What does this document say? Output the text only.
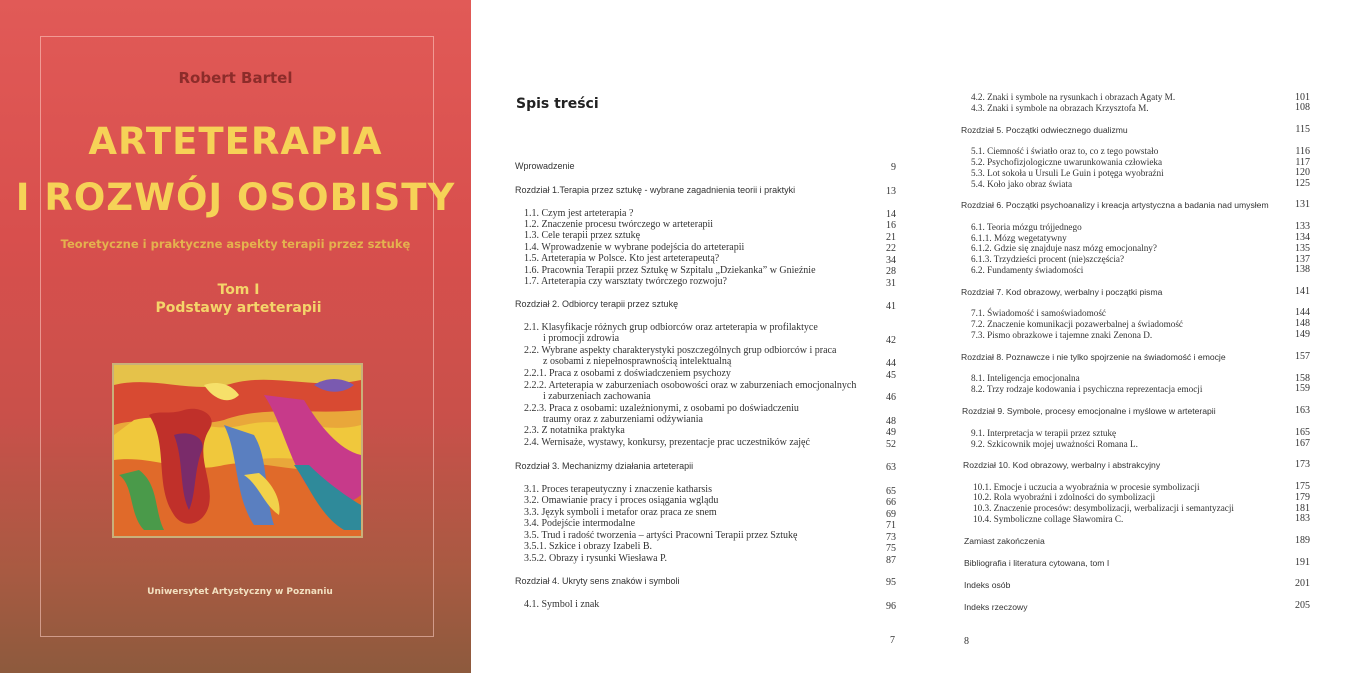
Robert Bartel
ARTETERAPIA
I ROZWÓJ OSOBISTY
Teoretyczne i praktyczne aspekty terapii przez sztukę
Tom I
Podstawy arteterapii
Uniwersytet Artystyczny w Poznaniu
Spis treści
Wprowadzenie	9
Rozdział 1.Terapia przez sztukę - wybrane zagadnienia teorii i praktyki	13
1.1. Czym jest arteterapia ?	14
1.2. Znaczenie procesu twórczego w arteterapii	16
1.3. Cele terapii przez sztukę	21
1.4. Wprowadzenie w wybrane podejścia do arteterapii	22
1.5. Arteterapia w Polsce. Kto jest arteterapeutą?	34
1.6. Pracownia Terapii przez Sztukę w Szpitalu „Dziekanka” w Gnieźnie	28
1.7. Arteterapia czy warsztaty twórczego rozwoju?	31
Rozdział 2. Odbiorcy terapii przez sztukę	41
2.1. Klasyfikacje różnych grup odbiorców oraz arteterapia w profilaktyce
i promocji zdrowia	42
2.2. Wybrane aspekty charakterystyki poszczególnych grup odbiorców i praca
z osobami z niepełnosprawnością intelektualną	44
2.2.1. Praca z osobami z doświadczeniem psychozy	45
2.2.2. Arteterapia w zaburzeniach osobowości oraz w zaburzeniach emocjonalnych
i zaburzeniach zachowania	46
2.2.3. Praca z osobami: uzależnionymi, z osobami po doświadczeniu
traumy oraz z zaburzeniami odżywiania	48
2.3. Z notatnika praktyka	49
2.4. Wernisaże, wystawy, konkursy, prezentacje prac uczestników zajęć	52
Rozdział 3. Mechanizmy działania arteterapii	63
3.1. Proces terapeutyczny i znaczenie katharsis	65
3.2. Omawianie pracy i proces osiągania wglądu	66
3.3. Język symboli i metafor oraz praca ze snem	69
3.4. Podejście intermodalne	71
3.5. Trud i radość tworzenia – artyści Pracowni Terapii przez Sztukę	73
3.5.1. Szkice i obrazy Izabeli B.	75
3.5.2. Obrazy i rysunki Wiesława P.	87
Rozdział 4. Ukryty sens znaków i symboli	95
4.1. Symbol i znak	96
7
4.2. Znaki i symbole na rysunkach i obrazach Agaty M.	101
4.3. Znaki i symbole na obrazach Krzysztofa M.	108
Rozdział 5. Początki odwiecznego dualizmu	115
5.1. Ciemność i światło oraz to, co z tego powstało	116
5.2. Psychofizjologiczne uwarunkowania człowieka	117
5.3. Lot sokoła u Ursuli Le Guin i potęga wyobraźni	120
5.4. Koło jako obraz świata	125
Rozdział 6. Początki psychoanalizy i kreacja artystyczna a badania nad umysłem	131
6.1. Teoria mózgu trójjednego	133
6.1.1. Mózg wegetatywny	134
6.1.2. Gdzie się znajduje nasz mózg emocjonalny?	135
6.1.3. Trzydzieści procent (nie)szczęścia?	137
6.2. Fundamenty świadomości	138
Rozdział 7. Kod obrazowy, werbalny i początki pisma	141
7.1. Świadomość i samoświadomość	144
7.2. Znaczenie komunikacji pozawerbalnej a świadomość	148
7.3. Pismo obrazkowe i tajemne znaki Zenona D.	149
Rozdział 8. Poznawcze i nie tylko spojrzenie na świadomość i emocje	157
8.1. Inteligencja emocjonalna	158
8.2. Trzy rodzaje kodowania i psychiczna reprezentacja emocji	159
Rozdział 9. Symbole, procesy emocjonalne i myślowe w arteterapii	163
9.1. Interpretacja w terapii przez sztukę	165
9.2. Szkicownik mojej uważności Romana L.	167
Rozdział 10. Kod obrazowy, werbalny i abstrakcyjny	173
10.1. Emocje i uczucia a wyobraźnia w procesie symbolizacji	175
10.2. Rola wyobraźni i zdolności do symbolizacji	179
10.3. Znaczenie procesów: desymbolizacji, werbalizacji i semantyzacji	181
10.4. Symboliczne collage Sławomira C.	183
Zamiast zakończenia	189
Bibliografia i literatura cytowana, tom I	191
Indeks osób	201
Indeks rzeczowy	205
8
